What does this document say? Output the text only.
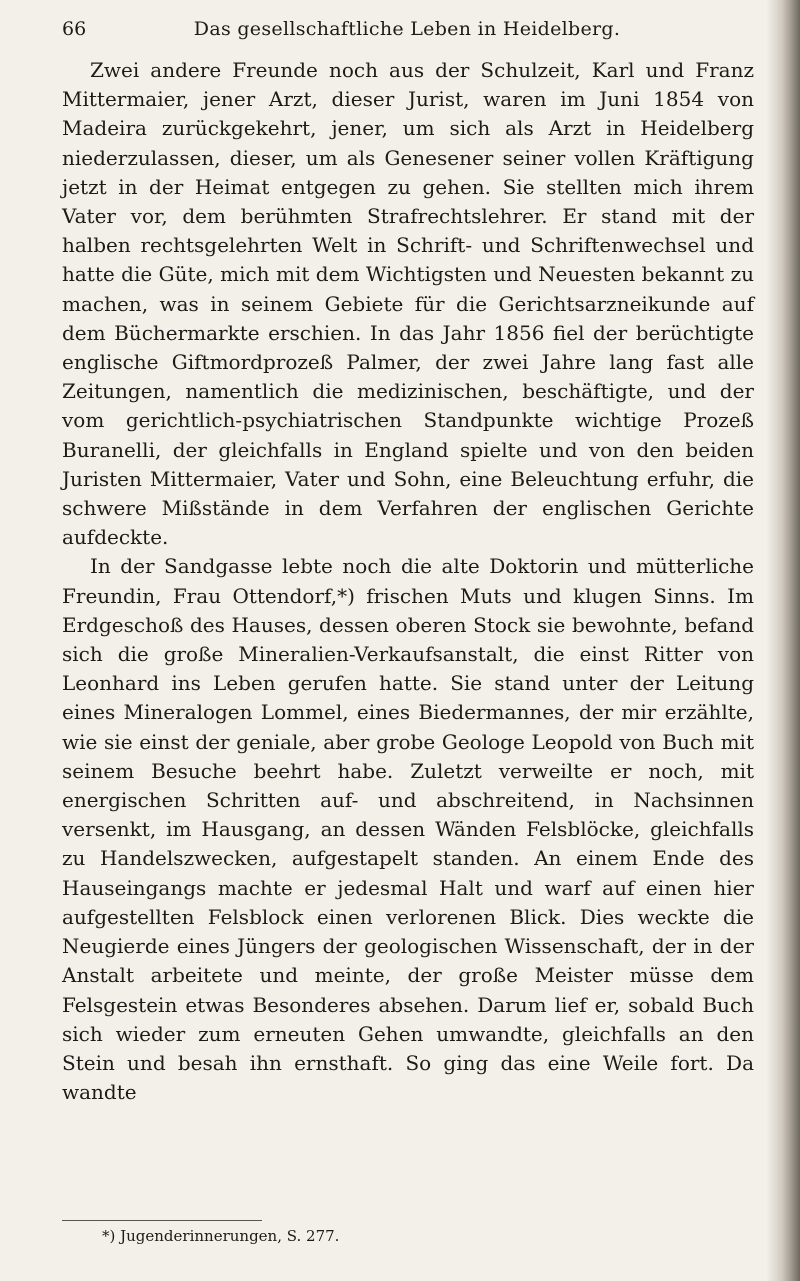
Das gesellschaftliche Leben in Heidelberg.
66

Zwei andere Freunde noch aus der Schulzeit, Karl und Franz Mittermaier, jener Arzt, dieser Jurist, waren im Juni 1854 von Madeira zurückgekehrt, jener, um sich als Arzt in Heidelberg niederzulassen, dieser, um als Genesener seiner vollen Kräftigung jetzt in der Heimat entgegen zu gehen. Sie stellten mich ihrem Vater vor, dem berühmten Strafrechtslehrer. Er stand mit der halben rechtsgelehrten Welt in Schrift- und Schriftenwechsel und hatte die Güte, mich mit dem Wichtigsten und Neuesten bekannt zu machen, was in seinem Gebiete für die Gerichtsarzneikunde auf dem Büchermarkte erschien. In das Jahr 1856 fiel der berüchtigte englische Giftmordprozeß Palmer, der zwei Jahre lang fast alle Zeitungen, namentlich die medizinischen, beschäftigte, und der vom gerichtlich-psychiatrischen Standpunkte wichtige Prozeß Buranelli, der gleichfalls in England spielte und von den beiden Juristen Mittermaier, Vater und Sohn, eine Beleuchtung erfuhr, die schwere Mißstände in dem Verfahren der englischen Gerichte aufdeckte.

In der Sandgasse lebte noch die alte Doktorin und mütterliche Freundin, Frau Ottendorf,*) frischen Muts und klugen Sinns. Im Erdgeschoß des Hauses, dessen oberen Stock sie bewohnte, befand sich die große Mineralien-Verkaufsanstalt, die einst Ritter von Leonhard ins Leben gerufen hatte. Sie stand unter der Leitung eines Mineralogen Lommel, eines Biedermannes, der mir erzählte, wie sie einst der geniale, aber grobe Geologe Leopold von Buch mit seinem Besuche beehrt habe. Zuletzt verweilte er noch, mit energischen Schritten auf- und abschreitend, in Nachsinnen versenkt, im Hausgang, an dessen Wänden Felsblöcke, gleichfalls zu Handelszwecken, aufgestapelt standen. An einem Ende des Hauseingangs machte er jedesmal Halt und warf auf einen hier aufgestellten Felsblock einen verlorenen Blick. Dies weckte die Neugierde eines Jüngers der geologischen Wissenschaft, der in der Anstalt arbeitete und meinte, der große Meister müsse dem Felsgestein etwas Besonderes absehen. Darum lief er, sobald Buch sich wieder zum erneuten Gehen umwandte, gleichfalls an den Stein und besah ihn ernsthaft. So ging das eine Weile fort. Da wandte

*) Jugenderinnerungen, S. 277.
